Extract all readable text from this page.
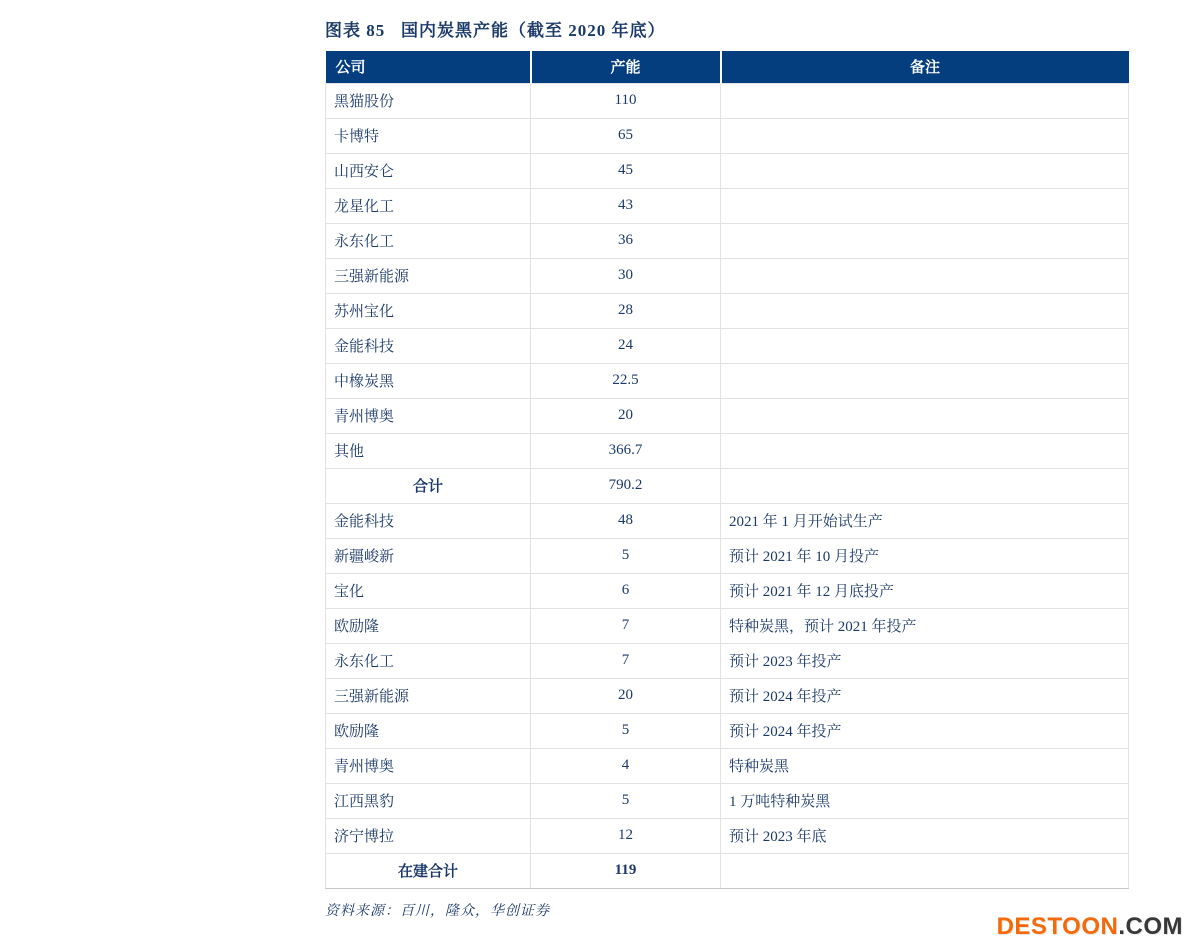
图表 85   国内炭黑产能（截至 2020 年底）
公司	产能	备注
黑猫股份	110	
卡博特	65	
山西安仑	45	
龙星化工	43	
永东化工	36	
三强新能源	30	
苏州宝化	28	
金能科技	24	
中橡炭黑	22.5	
青州博奥	20	
其他	366.7	
合计	790.2	
金能科技	48	2021 年 1 月开始试生产
新疆峻新	5	预计 2021 年 10 月投产
宝化	6	预计 2021 年 12 月底投产
欧励隆	7	特种炭黑，预计 2021 年投产
永东化工	7	预计 2023 年投产
三强新能源	20	预计 2024 年投产
欧励隆	5	预计 2024 年投产
青州博奥	4	特种炭黑
江西黑豹	5	1 万吨特种炭黑
济宁博拉	12	预计 2023 年底
在建合计	119	
资料来源：百川，隆众，华创证券
DESTOON.COM
